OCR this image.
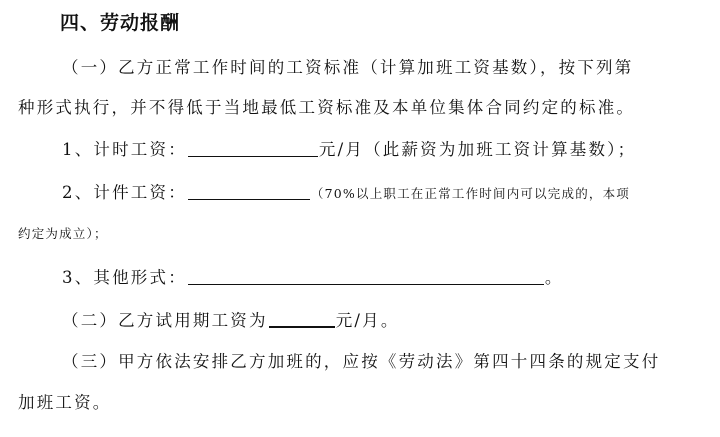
四、劳动报酬
（一）乙方正常工作时间的工资标准（计算加班工资基数），按下列第
种形式执行，并不得低于当地最低工资标准及本单位集体合同约定的标准。
1、计时工资：	元/月（此薪资为加班工资计算基数）；
2、计件工资：	（70%以上职工在正常工作时间内可以完成的，本项
约定为成立）；
3、其他形式：	。
（二）乙方试用期工资为	元/月。
（三）甲方依法安排乙方加班的，应按《劳动法》第四十四条的规定支付
加班工资。
